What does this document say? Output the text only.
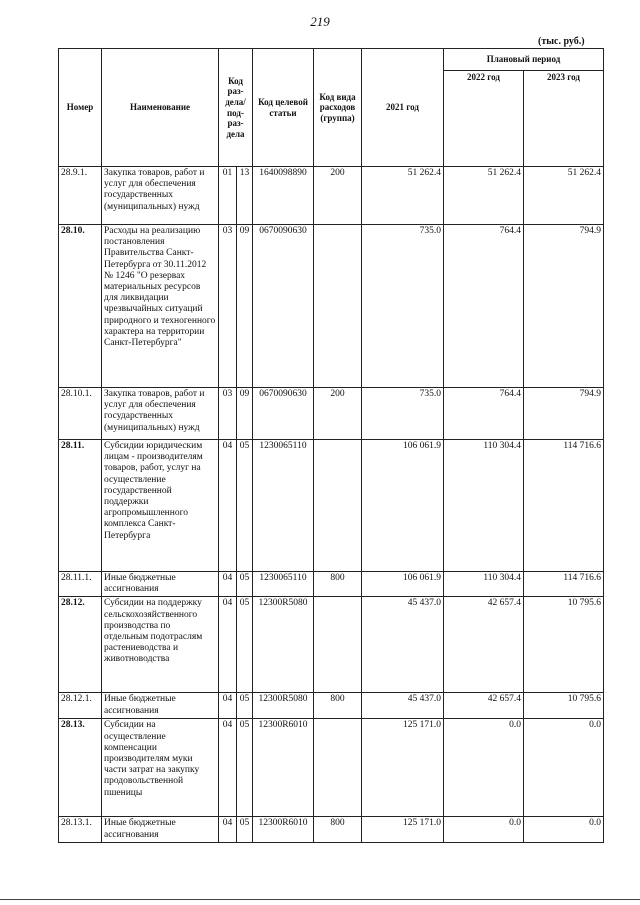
219
(тыс. руб.)
Номер	Наименование	Код раз- дела/ под- раз- дела		Код целевой статьи	Код вида расходов (группа)	2021 год	Плановый период	
							2022 год	2023 год
28.9.1.	Закупка товаров, работ и услуг для обеспечения государственных (муниципальных) нужд	01	13	1640098890	200	51 262.4	51 262.4	51 262.4
28.10.	Расходы на реализацию постановления Правительства Санкт-Петербурга от 30.11.2012 № 1246 "О резервах материальных ресурсов для ликвидации чрезвычайных ситуаций природного и техногенного характера на территории Санкт-Петербурга"	03	09	0670090630		735.0	764.4	794.9
28.10.1.	Закупка товаров, работ и услуг для обеспечения государственных (муниципальных) нужд	03	09	0670090630	200	735.0	764.4	794.9
28.11.	Субсидии юридическим лицам - производителям товаров, работ, услуг на осуществление государственной поддержки агропромышленного комплекса Санкт-Петербурга	04	05	1230065110		106 061.9	110 304.4	114 716.6
28.11.1.	Иные бюджетные ассигнования	04	05	1230065110	800	106 061.9	110 304.4	114 716.6
28.12.	Субсидии на поддержку сельскохозяйственного производства по отдельным подотраслям растениеводства и животноводства	04	05	12300R5080		45 437.0	42 657.4	10 795.6
28.12.1.	Иные бюджетные ассигнования	04	05	12300R5080	800	45 437.0	42 657.4	10 795.6
28.13.	Субсидии на осуществление компенсации производителям муки части затрат на закупку продовольственной пшеницы	04	05	12300R6010		125 171.0	0.0	0.0
28.13.1.	Иные бюджетные ассигнования	04	05	12300R6010	800	125 171.0	0.0	0.0
